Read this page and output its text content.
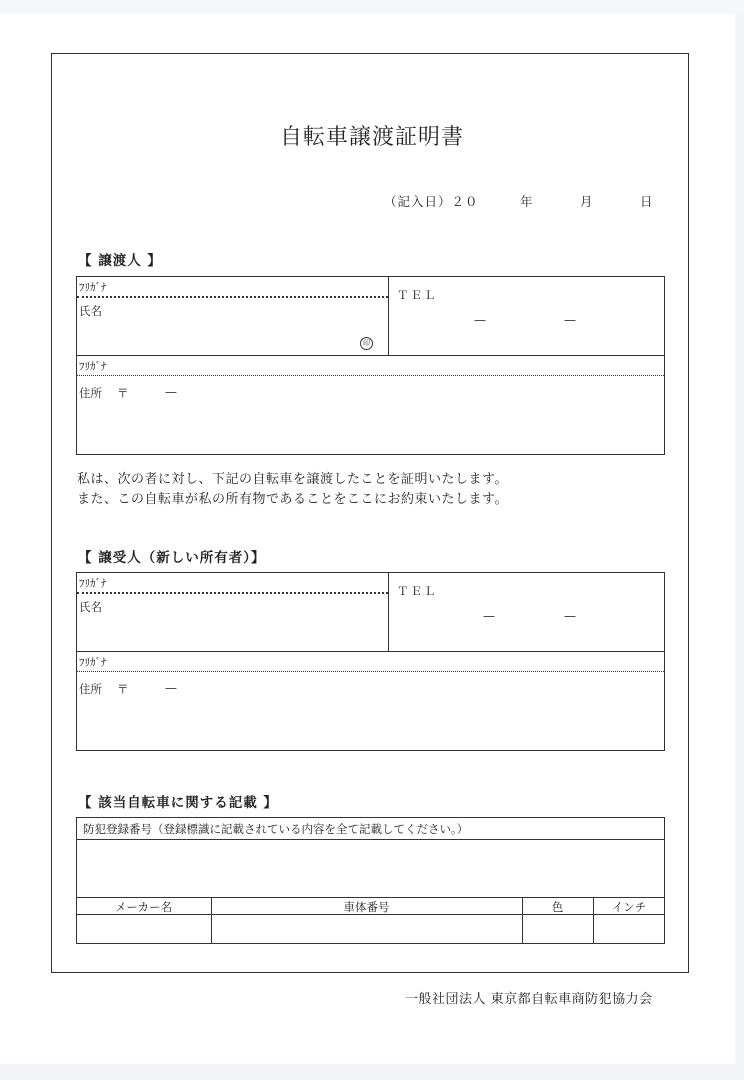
自転車譲渡証明書
（記入日）２０	年	月	日
【 譲渡人 】
ﾌﾘｶﾞﾅ
氏名
印
ＴＥＬ
—	—
ﾌﾘｶﾞﾅ
住所 〒	—
私は、次の者に対し、下記の自転車を譲渡したことを証明いたします。
また、この自転車が私の所有物であることをここにお約束いたします。
【 譲受人（新しい所有者）】
ﾌﾘｶﾞﾅ
氏名
ＴＥＬ
—	—
ﾌﾘｶﾞﾅ
住所 〒	—
【 該当自転車に関する記載 】
防犯登録番号（登録標識に記載されている内容を全て記載してください。）
メーカー名	車体番号	色	インチ
一般社団法人 東京都自転車商防犯協力会
